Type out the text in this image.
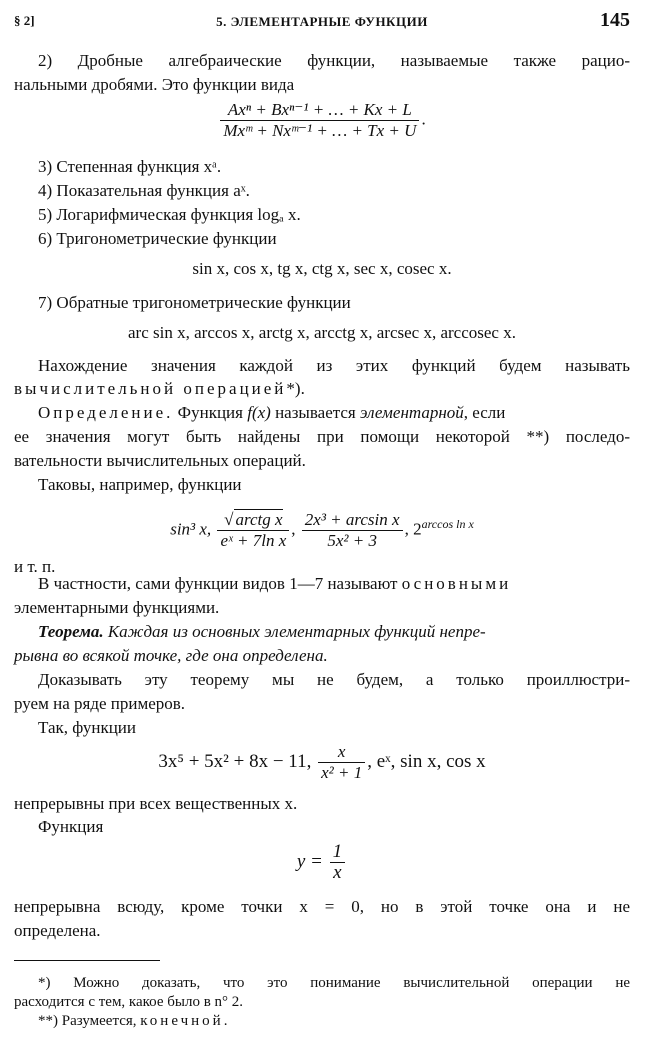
§ 2]	5. ЭЛЕМЕНТАРНЫЕ ФУНКЦИИ	145
2) Дробные алгебраические функции, называемые также рацио-
нальными дробями. Это функции вида
$\frac{\text{Axⁿ + Bxⁿ⁻¹ + … + Kx + L}}{\text{Mxᵐ + Nxᵐ⁻¹ + … + Tx + U}}$ .
3) Степенная функция xᵃ.
4) Показательная функция aˣ.
5) Логарифмическая функция logₐ x.
6) Тригонометрические функции
sin x, cos x, tg x, ctg x, sec x, cosec x.
7) Обратные тригонометрические функции
arc sin x, arccos x, arctg x, arcctg x, arcsec x, arccosec x.
Нахождение значения каждой из этих функций будем называть
вычислительной операцией*).
Определение. Функция f(x) называется элементарной, если
ее значения могут быть найдены при помощи некоторой **) последо-
вательности вычислительных операций.
Таковы, например, функции
sin³ x, $\frac{\text{√ arctg x}}{\text{eˣ + 7ln x}}$ , $\frac{\text{2x³ + arcsin x}}{\text{5x² + 3}}$ , $2^{arccos ln x}$
и т. п.
В частности, сами функции видов 1—7 называют основными
элементарными функциями.
Теорема. Каждая из основных элементарных функций непре-
рывна во всякой точке, где она определена.
Доказывать эту теорему мы не будем, а только проиллюстри-
руем на ряде примеров.
Так, функции
3x⁵ + 5x² + 8x − 11, $\frac{x}{\text{x² + 1}}$ , eˣ, sin x, cos x
непрерывны при всех вещественных x.
Функция
$y = \frac{1}{x}$
непрерывна всюду, кроме точки x = 0, но в этой точке она и не
определена.
*) Можно доказать, что это понимание вычислительной операции не
расходится с тем, какое было в n° 2.
**) Разумеется, конечной.
